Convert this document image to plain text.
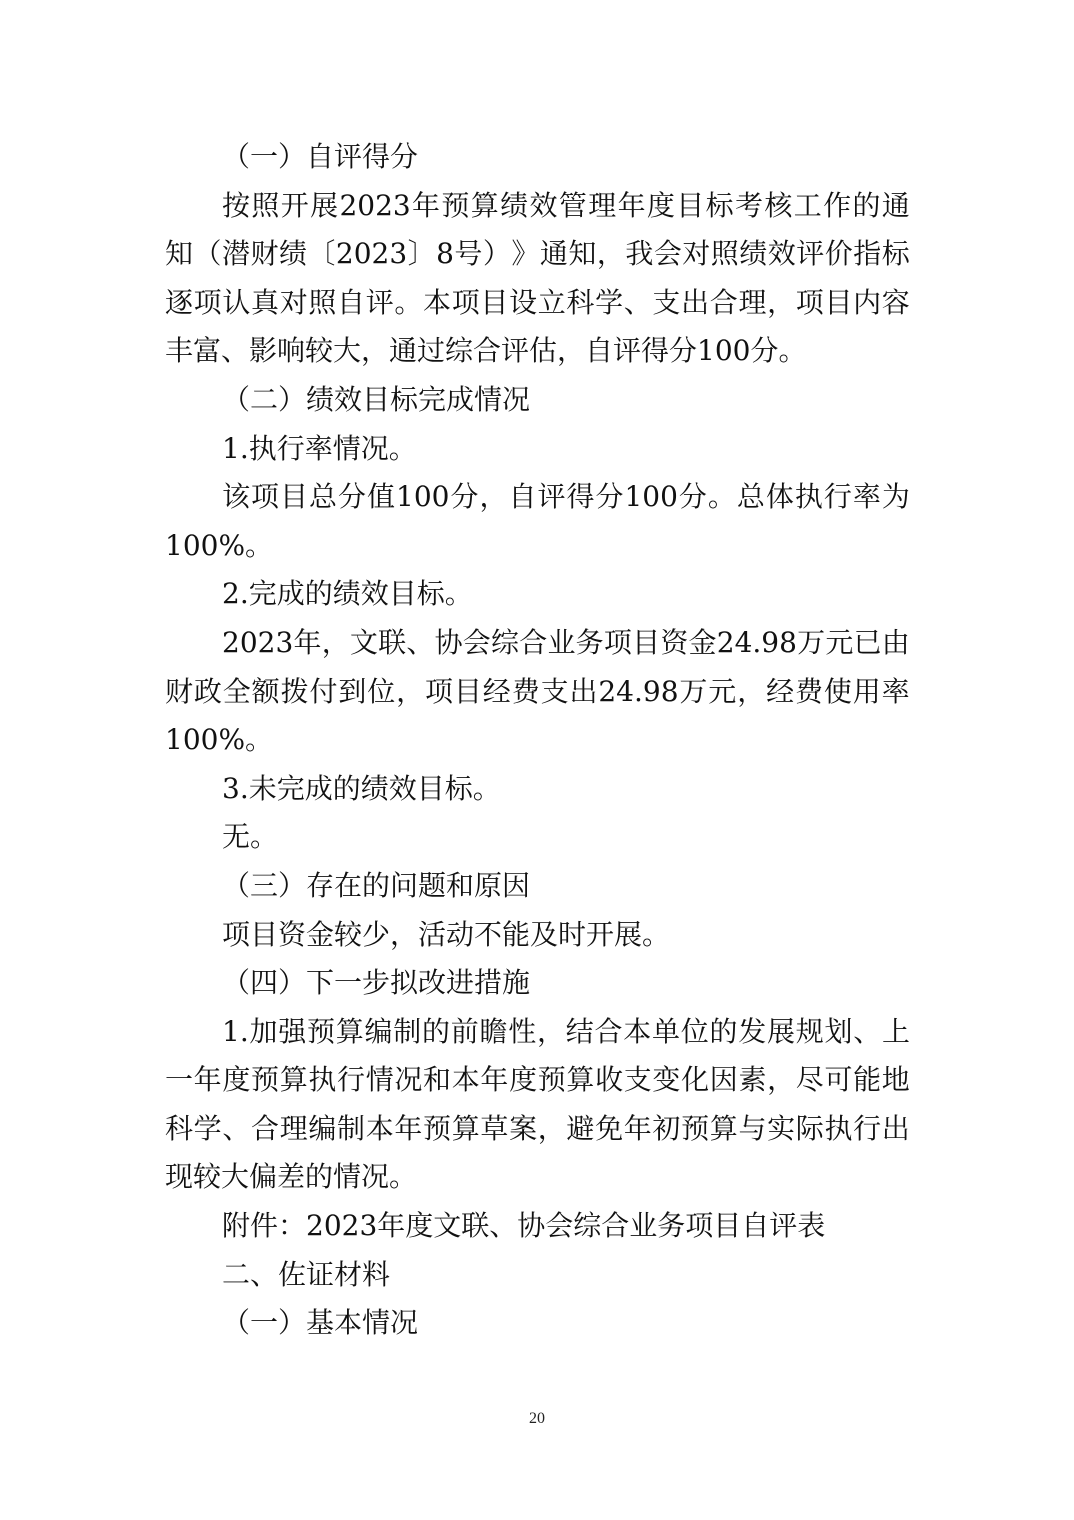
（一）自评得分
按 照 开 展 2023 年 预 算 绩 效 管 理 年 度 目 标 考 核 工 作 的 通
知 （ 潜 财 绩 〔 2023 〕 8 号 ） 》 通 知 ， 我 会 对 照 绩 效 评 价 指 标
逐 项 认 真 对 照 自 评 。 本 项 目 设 立 科 学 、 支 出 合 理 ， 项 目 内 容
丰富、影响较大，通过综合评估，自评得分100分。
（二）绩效目标完成情况
1.执行率情况。
该 项 目 总 分 值 100 分 ， 自 评 得 分 100 分 。 总 体 执 行 率 为
100%。
2.完成的绩效目标。
2023 年 ， 文 联 、 协 会 综 合 业 务 项 目 资 金 24.98 万 元 已 由
财 政 全 额 拨 付 到 位 ， 项 目 经 费 支 出 24.98 万 元 ， 经 费 使 用 率
100%。
3.未完成的绩效目标。
无。
（三）存在的问题和原因
项目资金较少，活动不能及时开展。
（四）下一步拟改进措施
1. 加 强 预 算 编 制 的 前 瞻 性 ， 结 合 本 单 位 的 发 展 规 划 、 上
一 年 度 预 算 执 行 情 况 和 本 年 度 预 算 收 支 变 化 因 素 ， 尽 可 能 地
科 学 、 合 理 编 制 本 年 预 算 草 案 ， 避 免 年 初 预 算 与 实 际 执 行 出
现较大偏差的情况。
附件：2023年度文联、协会综合业务项目自评表
二、佐证材料
（一）基本情况
20
